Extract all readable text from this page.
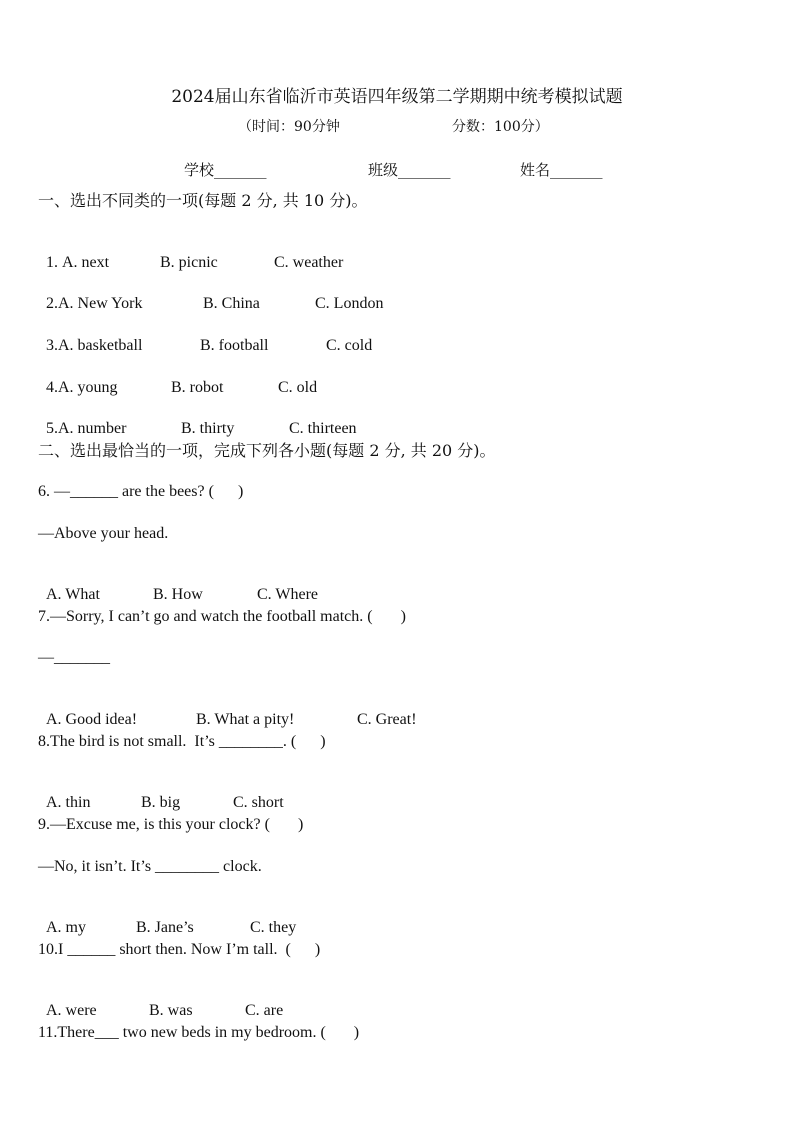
2024届山东省临沂市英语四年级第二学期期中统考模拟试题
（时间：90分钟	分数：100分）
学校_______	班级_______	姓名_______
一、选出不同类的一项(每题 2 分, 共 10 分)。

1. A. next	B. picnic	C. weather

2.A. New York	B. China	C. London

3.A. basketball	B. football	C. cold

4.A. young	B. robot	C. old

5.A. number	B. thirty	C. thirteen

二、选出最恰当的一项，完成下列各小题(每题 2 分, 共 20 分)。
6. —______ are the bees? (      )
—Above your head.

A. What	B. How	C. Where

7.—Sorry, I can’t go and watch the football match. (       )
—_______

A. Good idea!	B. What a pity!	C. Great!

8.The bird is not small.  It’s ________. (      )

A. thin	B. big	C. short

9.—Excuse me, is this your clock? (       )
—No, it isn’t. It’s ________ clock.

A. my	B. Jane’s	C. they

10.I ______ short then. Now I’m tall.  (      )

A. were	B. was	C. are

11.There___ two new beds in my bedroom. (       )
